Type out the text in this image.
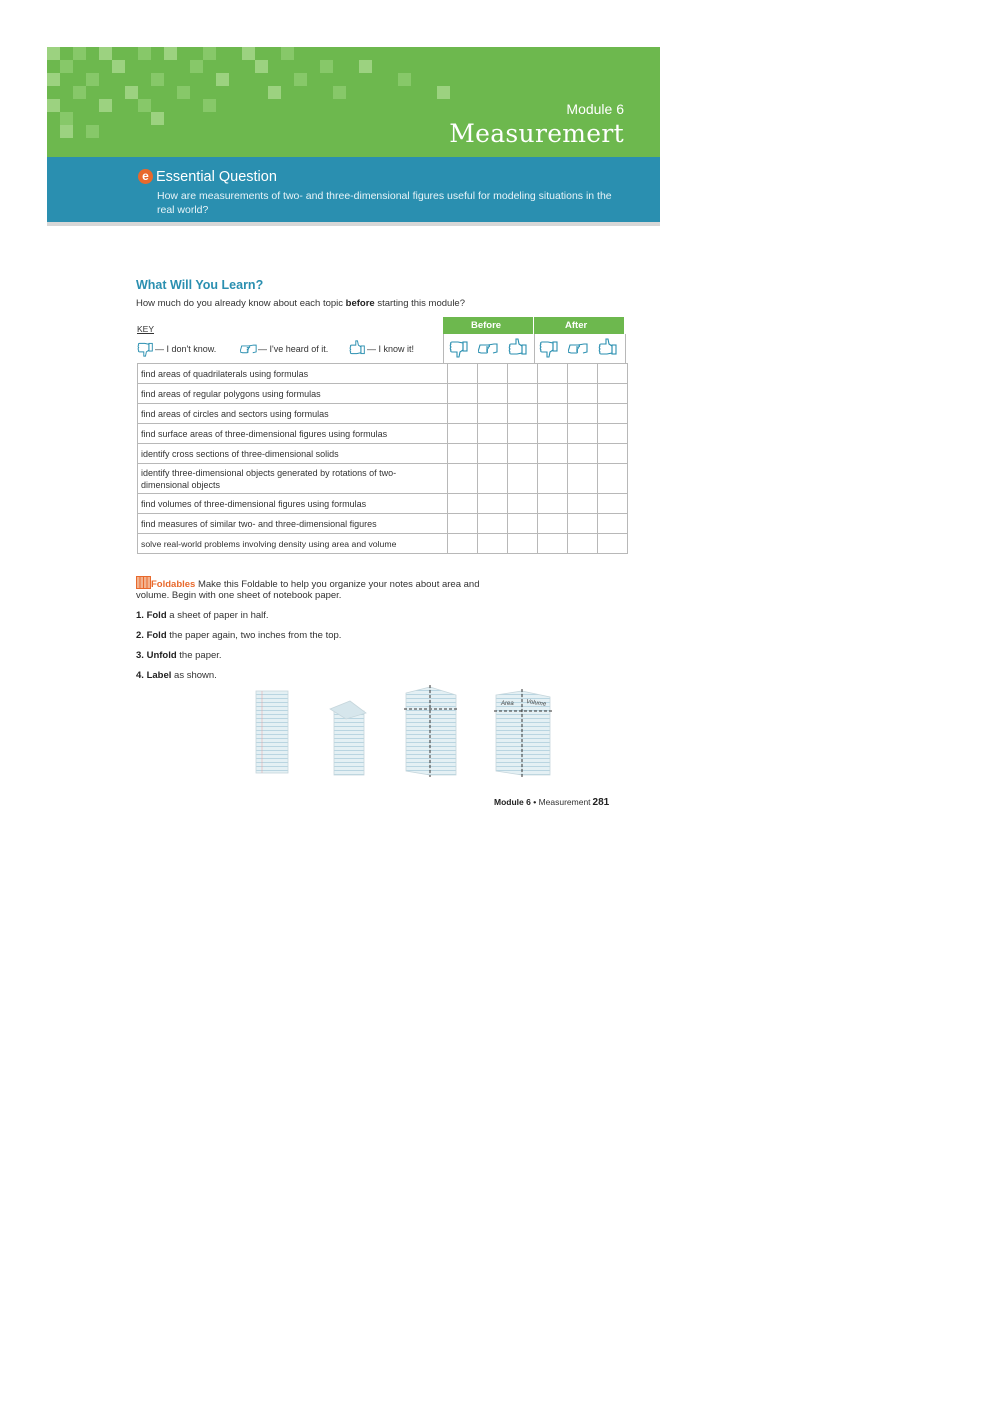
Module 6
Measuremert
e Essential Question
How are measurements of two- and three-dimensional figures useful for modeling situations in the real world?
What Will You Learn?
How much do you already know about each topic before starting this module?
KEY
— I don't know.	— I've heard of it.	— I know it!
Before	After
find areas of quadrilaterals using formulas						
find areas of regular polygons using formulas						
find areas of circles and sectors using formulas						
find surface areas of three-dimensional figures using formulas						
identify cross sections of three-dimensional solids						
identify three-dimensional objects generated by rotations of two-dimensional objects						
find volumes of three-dimensional figures using formulas						
find measures of similar two- and three-dimensional figures						
solve real-world problems involving density using area and volume						
Foldables Make this Foldable to help you organize your notes about area and
volume. Begin with one sheet of notebook paper.
1. Fold a sheet of paper in half.
2. Fold the paper again, two inches from the top.
3. Unfold the paper.
4. Label as shown.
Area Volume
Module 6 • Measurement 281
